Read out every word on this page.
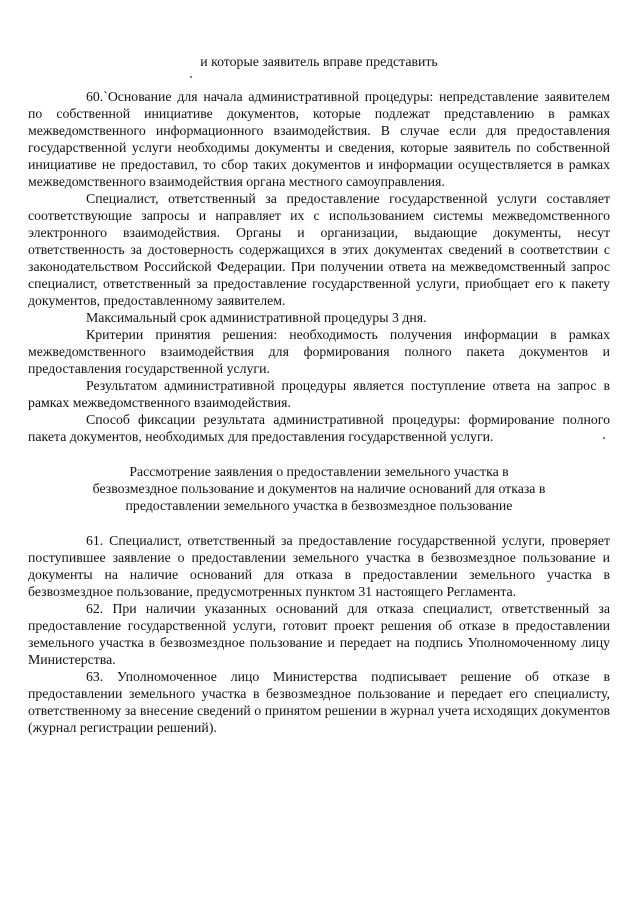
и которые заявитель вправе представить

60.`Основание для начала административной процедуры: непредставление заявителем по собственной инициативе документов, которые подлежат представлению в рамках межведомственного информационного взаимодействия. В случае если для предоставления государственной услуги необходимы документы и сведения, которые заявитель по собственной инициативе не предоставил, то сбор таких документов и информации осуществляется в рамках межведомственного взаимодействия органа местного самоуправления.

Специалист, ответственный за предоставление государственной услуги составляет соответствующие запросы и направляет их с использованием системы межведомственного электронного взаимодействия. Органы и организации, выдающие документы, несут ответственность за достоверность содержащихся в этих документах сведений в соответствии с законодательством Российской Федерации. При получении ответа на межведомственный запрос специалист, ответственный за предоставление государственной услуги, приобщает его к пакету документов, предоставленному заявителем.

Максимальный срок административной процедуры 3 дня.

Критерии принятия решения: необходимость получения информации в рамках межведомственного взаимодействия для формирования полного пакета документов и предоставления государственной услуги.

Результатом административной процедуры является поступление ответа на запрос в рамках межведомственного взаимодействия.

Способ фиксации результата административной процедуры: формирование полного пакета документов, необходимых для предоставления государственной услуги.

Рассмотрение заявления о предоставлении земельного участка в

безвозмездное пользование и документов на наличие оснований для отказа в

предоставлении земельного участка в безвозмездное пользование

61. Специалист, ответственный за предоставление государственной услуги, проверяет поступившее заявление о предоставлении земельного участка в безвозмездное пользование и документы на наличие оснований для отказа в предоставлении земельного участка в безвозмездное пользование, предусмотренных пунктом 31 настоящего Регламента.

62. При наличии указанных оснований для отказа специалист, ответственный за предоставление государственной услуги, готовит проект решения об отказе в предоставлении земельного участка в безвозмездное пользование и передает на подпись Уполномоченному лицу Министерства.

63. Уполномоченное лицо Министерства подписывает решение об отказе в предоставлении земельного участка в безвозмездное пользование и передает его специалисту, ответственному за внесение сведений о принятом решении в журнал учета исходящих документов (журнал регистрации решений).
